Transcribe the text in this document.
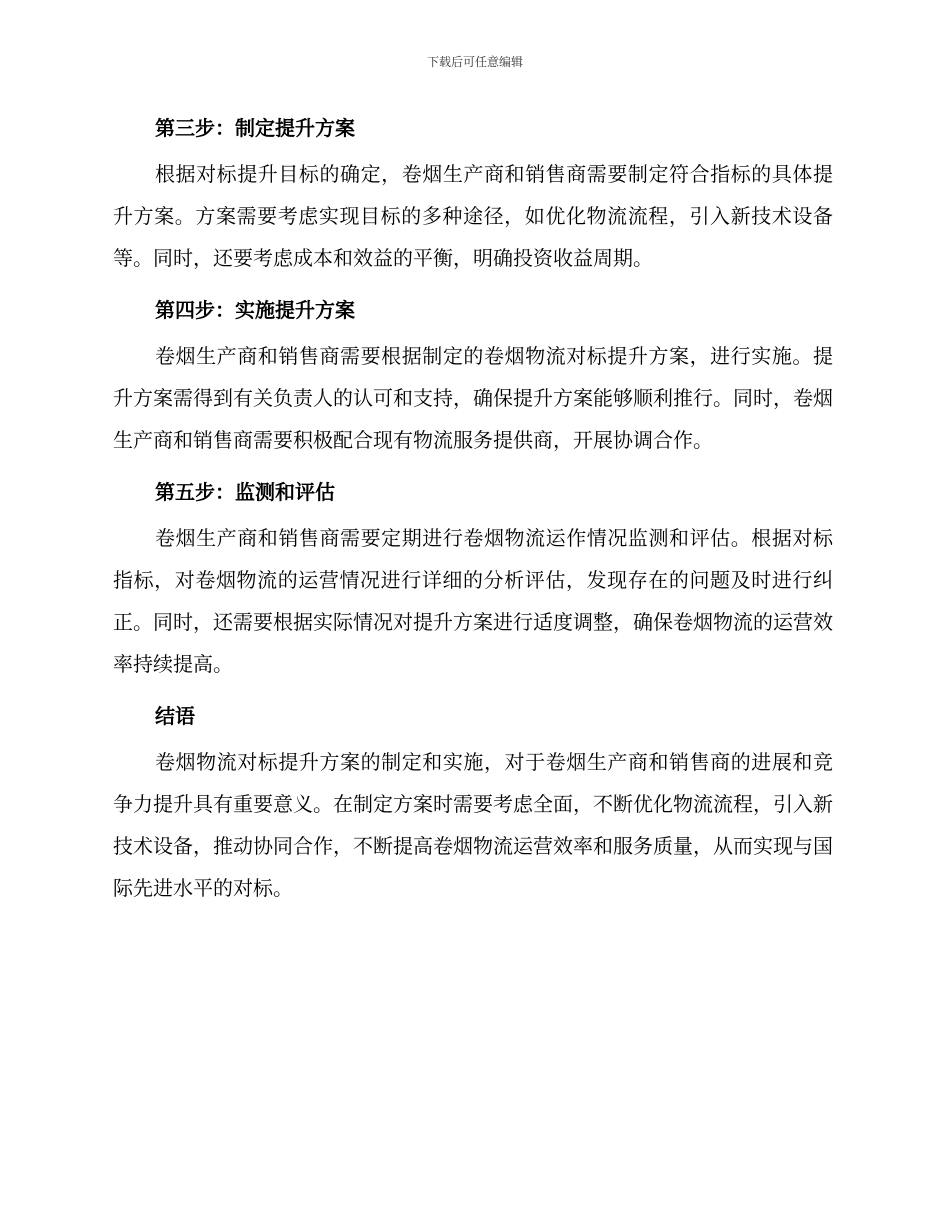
下载后可任意编辑
第三步：制定提升方案

根据对标提升目标的确定，卷烟生产商和销售商需要制定符合指标的具体提升方案。方案需要考虑实现目标的多种途径，如优化物流流程，引入新技术设备等。同时，还要考虑成本和效益的平衡，明确投资收益周期。

第四步：实施提升方案

卷烟生产商和销售商需要根据制定的卷烟物流对标提升方案，进行实施。提升方案需得到有关负责人的认可和支持，确保提升方案能够顺利推行。同时，卷烟生产商和销售商需要积极配合现有物流服务提供商，开展协调合作。

第五步：监测和评估

卷烟生产商和销售商需要定期进行卷烟物流运作情况监测和评估。根据对标指标，对卷烟物流的运营情况进行详细的分析评估，发现存在的问题及时进行纠正。同时，还需要根据实际情况对提升方案进行适度调整，确保卷烟物流的运营效率持续提高。

结语

卷烟物流对标提升方案的制定和实施，对于卷烟生产商和销售商的进展和竞争力提升具有重要意义。在制定方案时需要考虑全面，不断优化物流流程，引入新技术设备，推动协同合作，不断提高卷烟物流运营效率和服务质量，从而实现与国际先进水平的对标。
